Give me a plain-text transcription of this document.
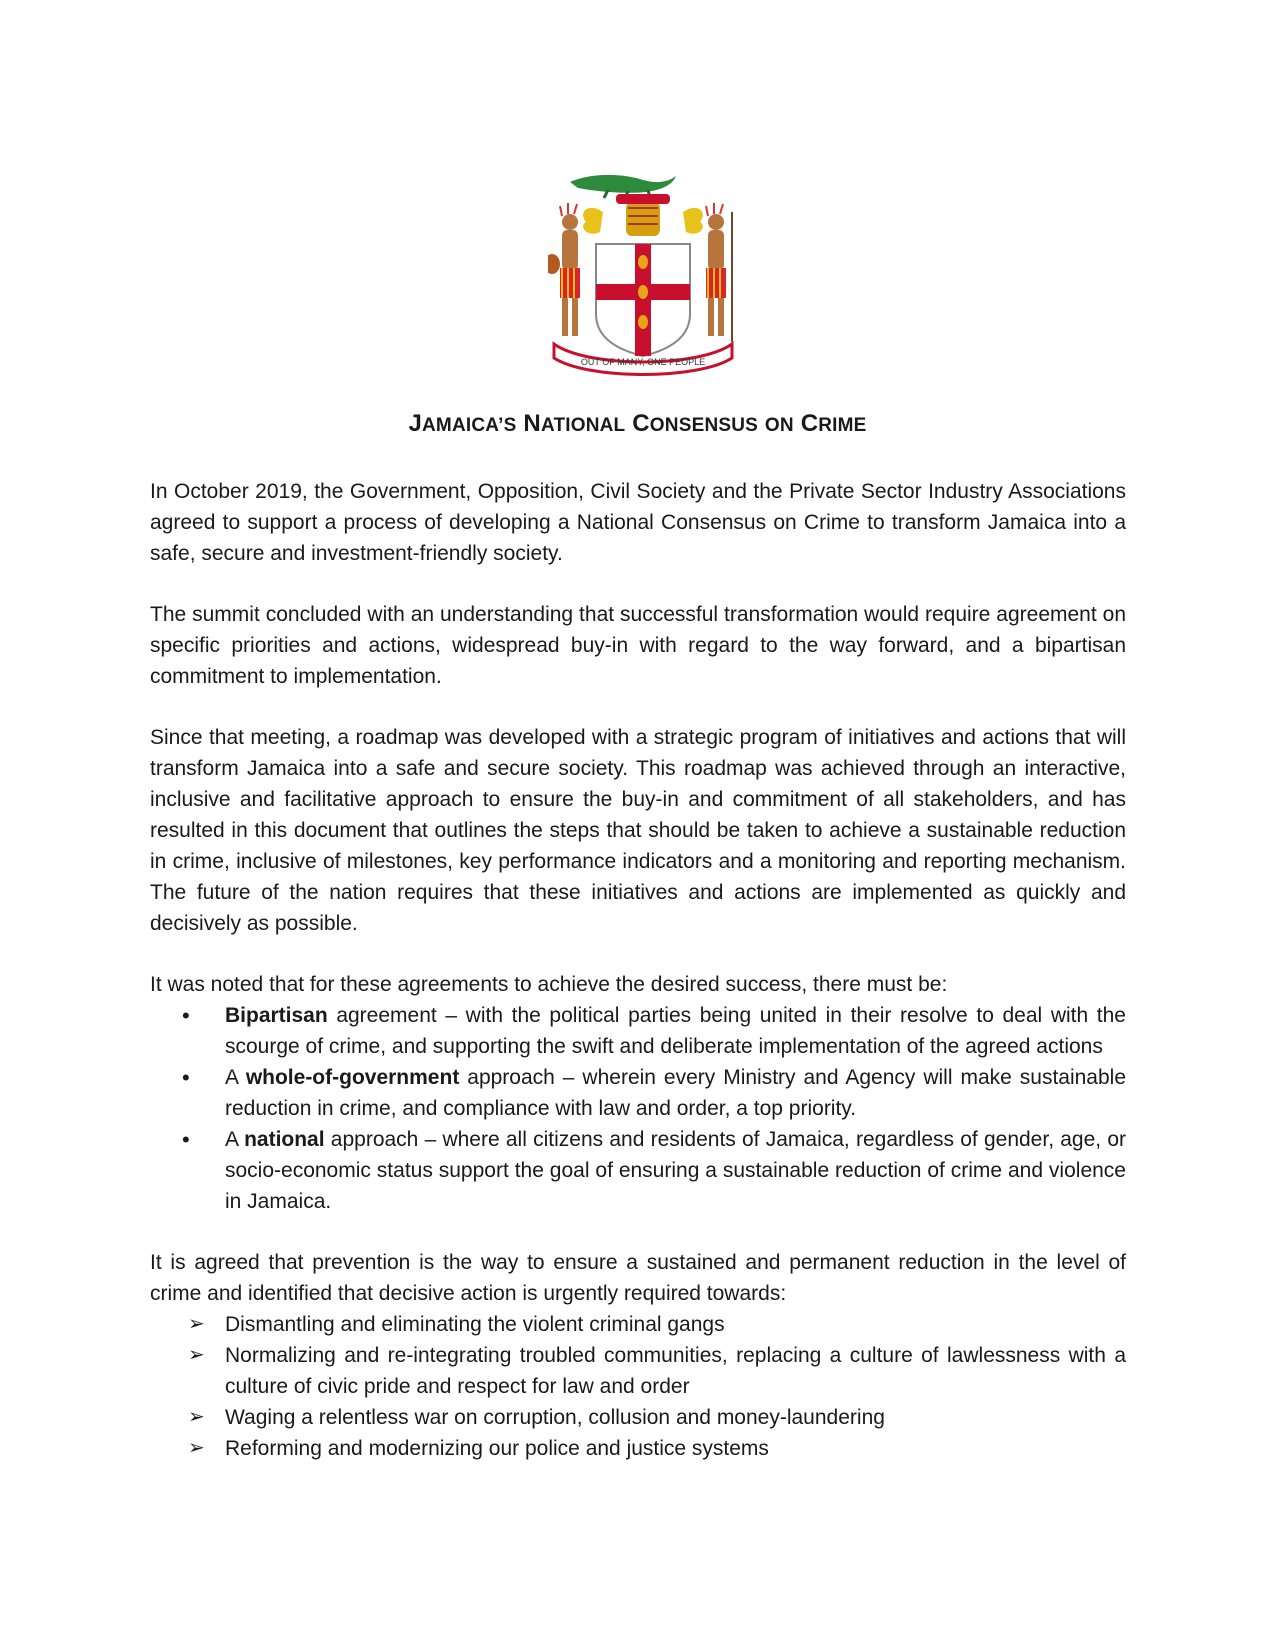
OUT OF MANY, ONE PEOPLE
JAMAICA’S NATIONAL CONSENSUS ON CRIME

In October 2019, the Government, Opposition, Civil Society and the Private Sector Industry Associations agreed to support a process of developing a National Consensus on Crime to transform Jamaica into a safe, secure and investment-friendly society.

The summit concluded with an understanding that successful transformation would require agreement on specific priorities and actions, widespread buy-in with regard to the way forward, and a bipartisan commitment to implementation.

Since that meeting, a roadmap was developed with a strategic program of initiatives and actions that will transform Jamaica into a safe and secure society. This roadmap was achieved through an interactive, inclusive and facilitative approach to ensure the buy-in and commitment of all stakeholders, and has resulted in this document that outlines the steps that should be taken to achieve a sustainable reduction in crime, inclusive of milestones, key performance indicators and a monitoring and reporting mechanism. The future of the nation requires that these initiatives and actions are implemented as quickly and decisively as possible.

It was noted that for these agreements to achieve the desired success, there must be:

• Bipartisan agreement – with the political parties being united in their resolve to deal with the scourge of crime, and supporting the swift and deliberate implementation of the agreed actions
• A whole-of-government approach – wherein every Ministry and Agency will make sustainable reduction in crime, and compliance with law and order, a top priority.
• A national approach – where all citizens and residents of Jamaica, regardless of gender, age, or socio-economic status support the goal of ensuring a sustainable reduction of crime and violence in Jamaica.

It is agreed that prevention is the way to ensure a sustained and permanent reduction in the level of crime and identified that decisive action is urgently required towards:

➢ Dismantling and eliminating the violent criminal gangs
➢ Normalizing and re-integrating troubled communities, replacing a culture of lawlessness with a culture of civic pride and respect for law and order
➢ Waging a relentless war on corruption, collusion and money-laundering
➢ Reforming and modernizing our police and justice systems
